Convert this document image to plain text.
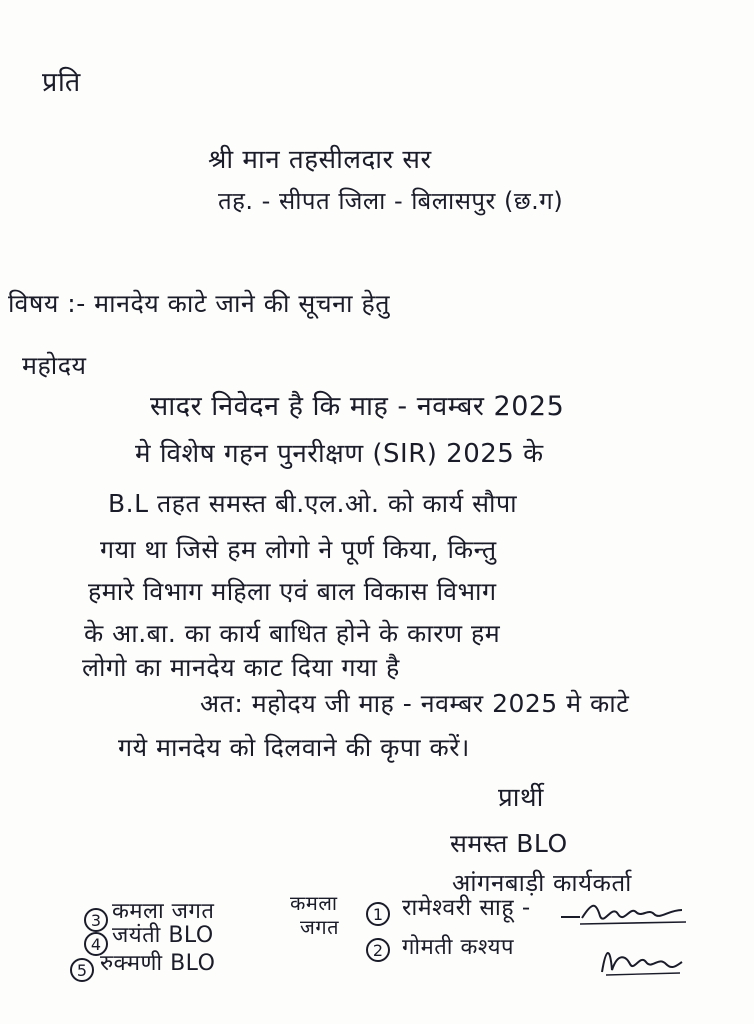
प्रति
श्री मान तहसीलदार सर
तह. - सीपत जिला - बिलासपुर (छ.ग)
विषय :- मानदेय काटे जाने की सूचना हेतु
महोदय
सादर निवेदन है कि माह - नवम्बर 2025
मे विशेष गहन पुनरीक्षण (SIR) 2025 के
B.L तहत समस्त बी.एल.ओ. को कार्य सौपा
गया था जिसे हम लोगो ने पूर्ण किया, किन्तु
हमारे विभाग महिला एवं बाल विकास विभाग
के आ.बा. का कार्य बाधित होने के कारण हम
लोगो का मानदेय काट दिया गया है
अत: महोदय जी माह - नवम्बर 2025 मे काटे
गये मानदेय को दिलवाने की कृपा करें।
प्रार्थी
समस्त BLO
आंगनबाड़ी कार्यकर्ता
3 कमला जगत
4 जयंती BLO
5 रुक्मणी BLO
कमला
जगत
1 रामेश्वरी साहू -
2 गोमती कश्यप
